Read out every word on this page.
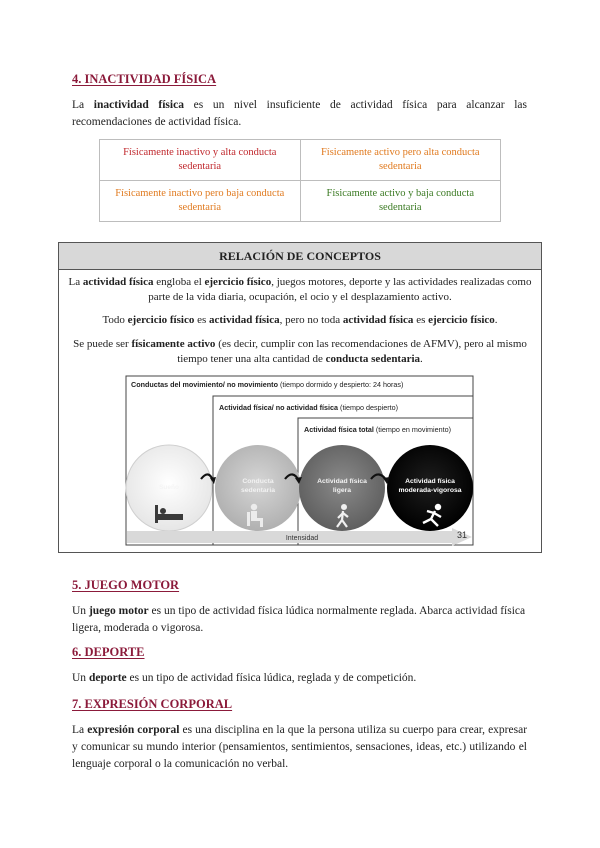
4. INACTIVIDAD FÍSICA
La inactividad física es un nivel insuficiente de actividad física para alcanzar las recomendaciones de actividad física.
Físicamente inactivo y alta conducta sedentaria	Físicamente activo pero alta conducta sedentaria
Físicamente inactivo pero baja conducta sedentaria	Físicamente activo y baja conducta sedentaria
RELACIÓN DE CONCEPTOS
La actividad física engloba el ejercicio físico, juegos motores, deporte y las actividades realizadas como parte de la vida diaria, ocupación, el ocio y el desplazamiento activo.
Todo ejercicio físico es actividad física, pero no toda actividad física es ejercicio físico.
Se puede ser físicamente activo (es decir, cumplir con las recomendaciones de AFMV), pero al mismo tiempo tener una alta cantidad de conducta sedentaria.
Conductas del movimiento/ no movimiento (tiempo dormido y despierto: 24 horas)
Actividad física/ no actividad física (tiempo despierto)
Actividad física total (tiempo en movimiento)
Sueño
Conducta
sedentaria
Actividad física
ligera
Actividad física
moderada-vigorosa
Intensidad	31
5. JUEGO MOTOR
Un juego motor es un tipo de actividad física lúdica normalmente reglada. Abarca actividad física ligera, moderada o vigorosa.
6. DEPORTE
Un deporte es un tipo de actividad física lúdica, reglada y de competición.
7. EXPRESIÓN CORPORAL
La expresión corporal es una disciplina en la que la persona utiliza su cuerpo para crear, expresar y comunicar su mundo interior (pensamientos, sentimientos, sensaciones, ideas, etc.) utilizando el lenguaje corporal o la comunicación no verbal.
